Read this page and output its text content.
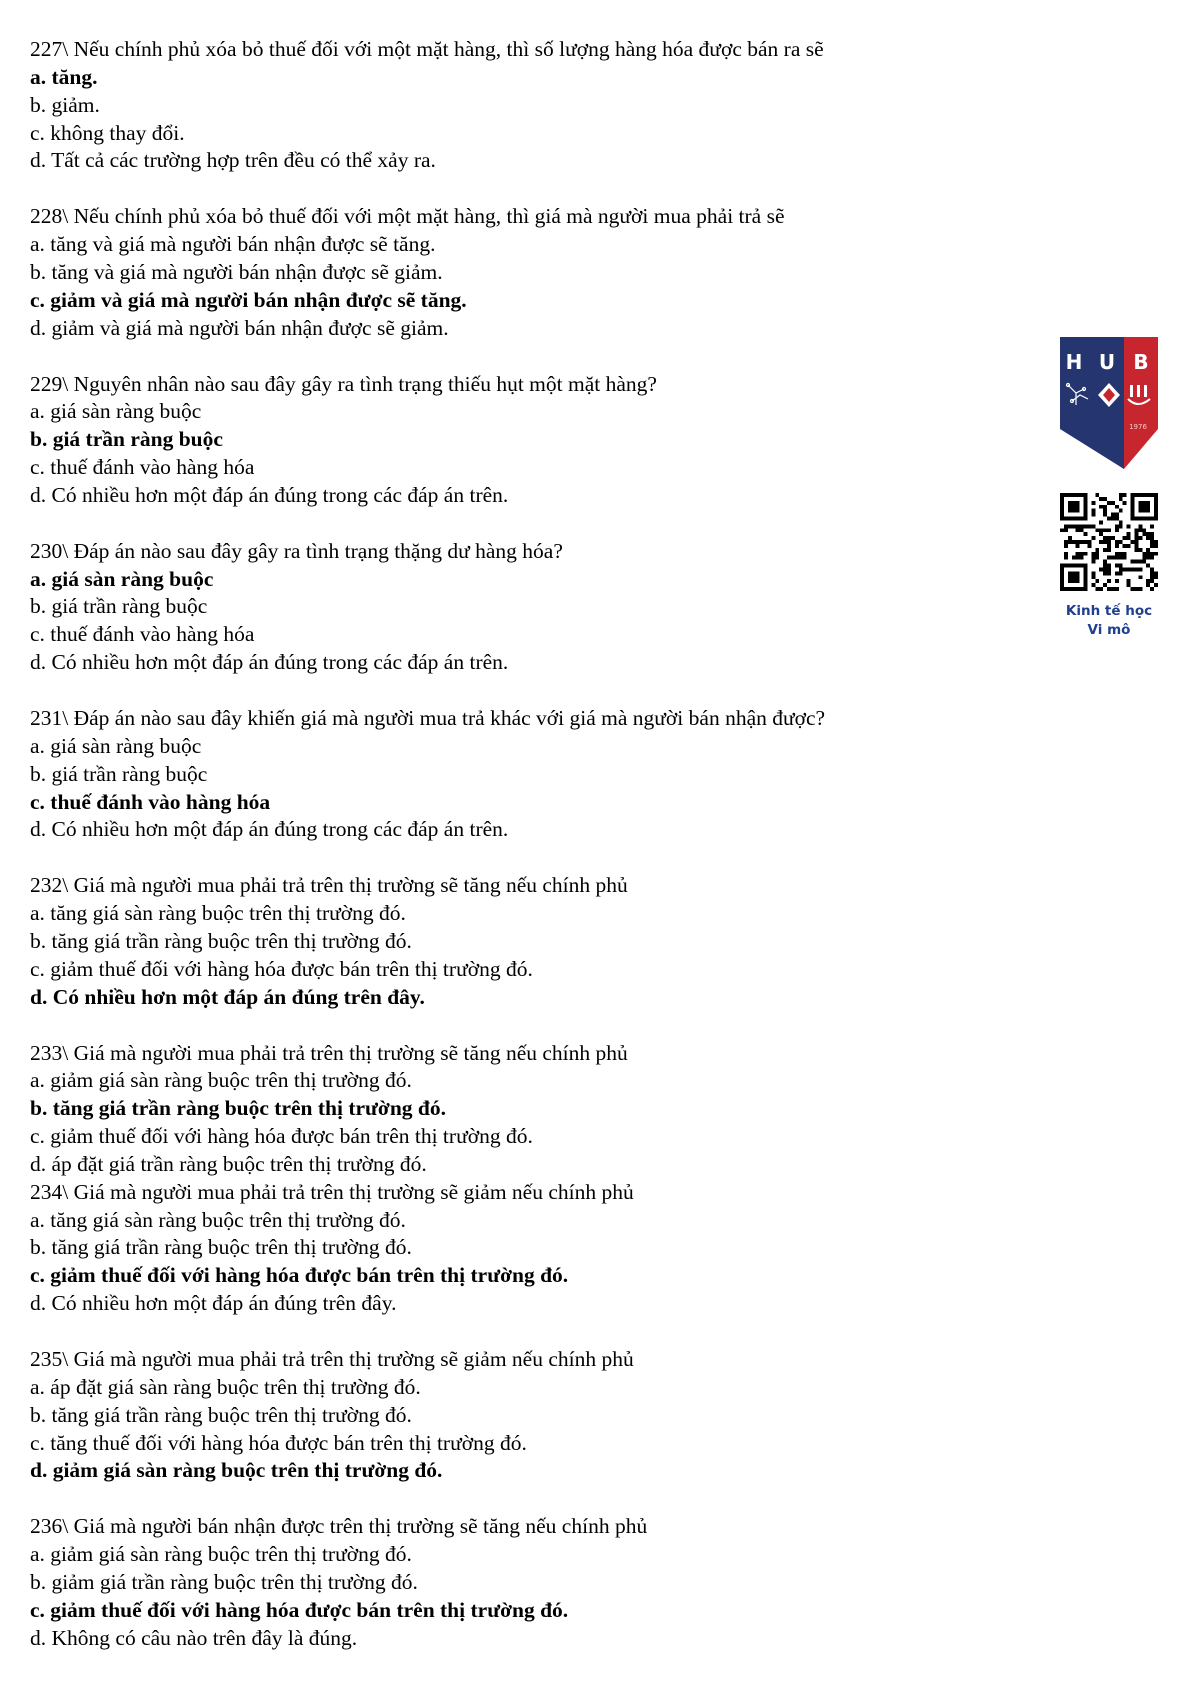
227\ Nếu chính phủ xóa bỏ thuế đối với một mặt hàng, thì số lượng hàng hóa được bán ra sẽ
a. tăng.
b. giảm.
c. không thay đổi.
d. Tất cả các trường hợp trên đều có thể xảy ra.
228\ Nếu chính phủ xóa bỏ thuế đối với một mặt hàng, thì giá mà người mua phải trả sẽ
a. tăng và giá mà người bán nhận được sẽ tăng.
b. tăng và giá mà người bán nhận được sẽ giảm.
c. giảm và giá mà người bán nhận được sẽ tăng.
d. giảm và giá mà người bán nhận được sẽ giảm.
229\ Nguyên nhân nào sau đây gây ra tình trạng thiếu hụt một mặt hàng?
a. giá sàn ràng buộc
b. giá trần ràng buộc
c. thuế đánh vào hàng hóa
d. Có nhiều hơn một đáp án đúng trong các đáp án trên.
230\ Đáp án nào sau đây gây ra tình trạng thặng dư hàng hóa?
a. giá sàn ràng buộc
b. giá trần ràng buộc
c. thuế đánh vào hàng hóa
d. Có nhiều hơn một đáp án đúng trong các đáp án trên.
231\ Đáp án nào sau đây khiến giá mà người mua trả khác với giá mà người bán nhận được?
a. giá sàn ràng buộc
b. giá trần ràng buộc
c. thuế đánh vào hàng hóa
d. Có nhiều hơn một đáp án đúng trong các đáp án trên.
232\ Giá mà người mua phải trả trên thị trường sẽ tăng nếu chính phủ
a. tăng giá sàn ràng buộc trên thị trường đó.
b. tăng giá trần ràng buộc trên thị trường đó.
c. giảm thuế đối với hàng hóa được bán trên thị trường đó.
d. Có nhiều hơn một đáp án đúng trên đây.
233\ Giá mà người mua phải trả trên thị trường sẽ tăng nếu chính phủ
a. giảm giá sàn ràng buộc trên thị trường đó.
b. tăng giá trần ràng buộc trên thị trường đó.
c. giảm thuế đối với hàng hóa được bán trên thị trường đó.
d. áp đặt giá trần ràng buộc trên thị trường đó.
234\ Giá mà người mua phải trả trên thị trường sẽ giảm nếu chính phủ
a. tăng giá sàn ràng buộc trên thị trường đó.
b. tăng giá trần ràng buộc trên thị trường đó.
c. giảm thuế đối với hàng hóa được bán trên thị trường đó.
d. Có nhiều hơn một đáp án đúng trên đây.
235\ Giá mà người mua phải trả trên thị trường sẽ giảm nếu chính phủ
a. áp đặt giá sàn ràng buộc trên thị trường đó.
b. tăng giá trần ràng buộc trên thị trường đó.
c. tăng thuế đối với hàng hóa được bán trên thị trường đó.
d. giảm giá sàn ràng buộc trên thị trường đó.
236\ Giá mà người bán nhận được trên thị trường sẽ tăng nếu chính phủ
a. giảm giá sàn ràng buộc trên thị trường đó.
b. giảm giá trần ràng buộc trên thị trường đó.
c. giảm thuế đối với hàng hóa được bán trên thị trường đó.
d. Không có câu nào trên đây là đúng.
H U B
1976
Kinh tế học
Vi mô
